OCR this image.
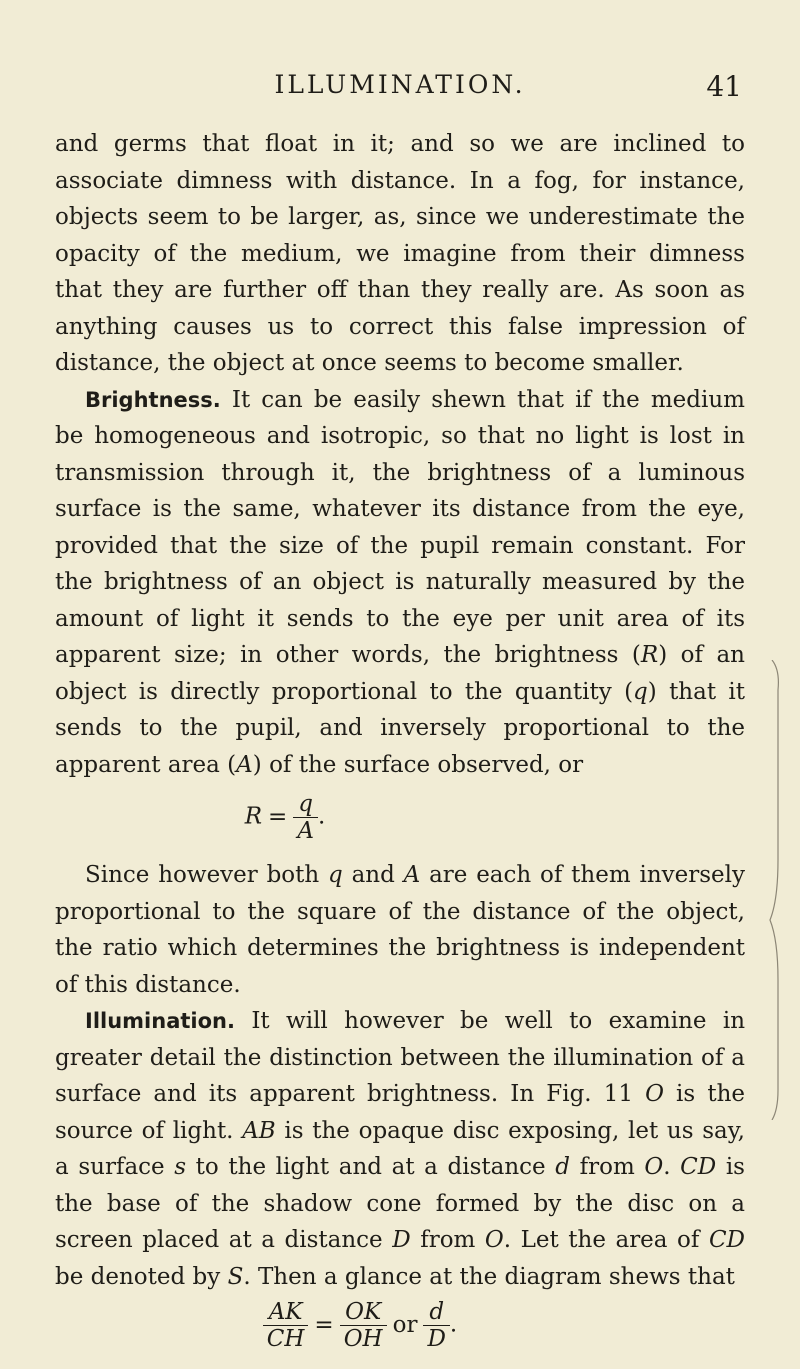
ILLUMINATION.	41

and germs that float in it; and so we are inclined to associate dimness with distance. In a fog, for instance, objects seem to be larger, as, since we underestimate the opacity of the medium, we imagine from their dimness that they are further off than they really are. As soon as anything causes us to correct this false impression of distance, the object at once seems to become smaller.

Brightness. It can be easily shewn that if the medium be homogeneous and isotropic, so that no light is lost in transmission through it, the brightness of a luminous surface is the same, whatever its distance from the eye, provided that the size of the pupil remain constant. For the brightness of an object is naturally measured by the amount of light it sends to the eye per unit area of its apparent size; in other words, the brightness (R) of an object is directly proportional to the quantity (q) that it sends to the pupil, and inversely proportional to the apparent area (A) of the surface observed, or

$R = \frac{q}{A}$ .

Since however both q and A are each of them inversely proportional to the square of the distance of the object, the ratio which determines the brightness is independent of this distance.

Illumination. It will however be well to examine in greater detail the distinction between the illumination of a surface and its apparent brightness. In Fig. 11 O is the source of light. AB is the opaque disc exposing, let us say, a surface s to the light and at a distance d from O. CD is the base of the shadow cone formed by the disc on a screen placed at a distance D from O. Let the area of CD be denoted by S. Then a glance at the diagram shews that

$\frac{AK}{CH} = \frac{OK}{OH}$ or $\frac{d}{D}$ .
